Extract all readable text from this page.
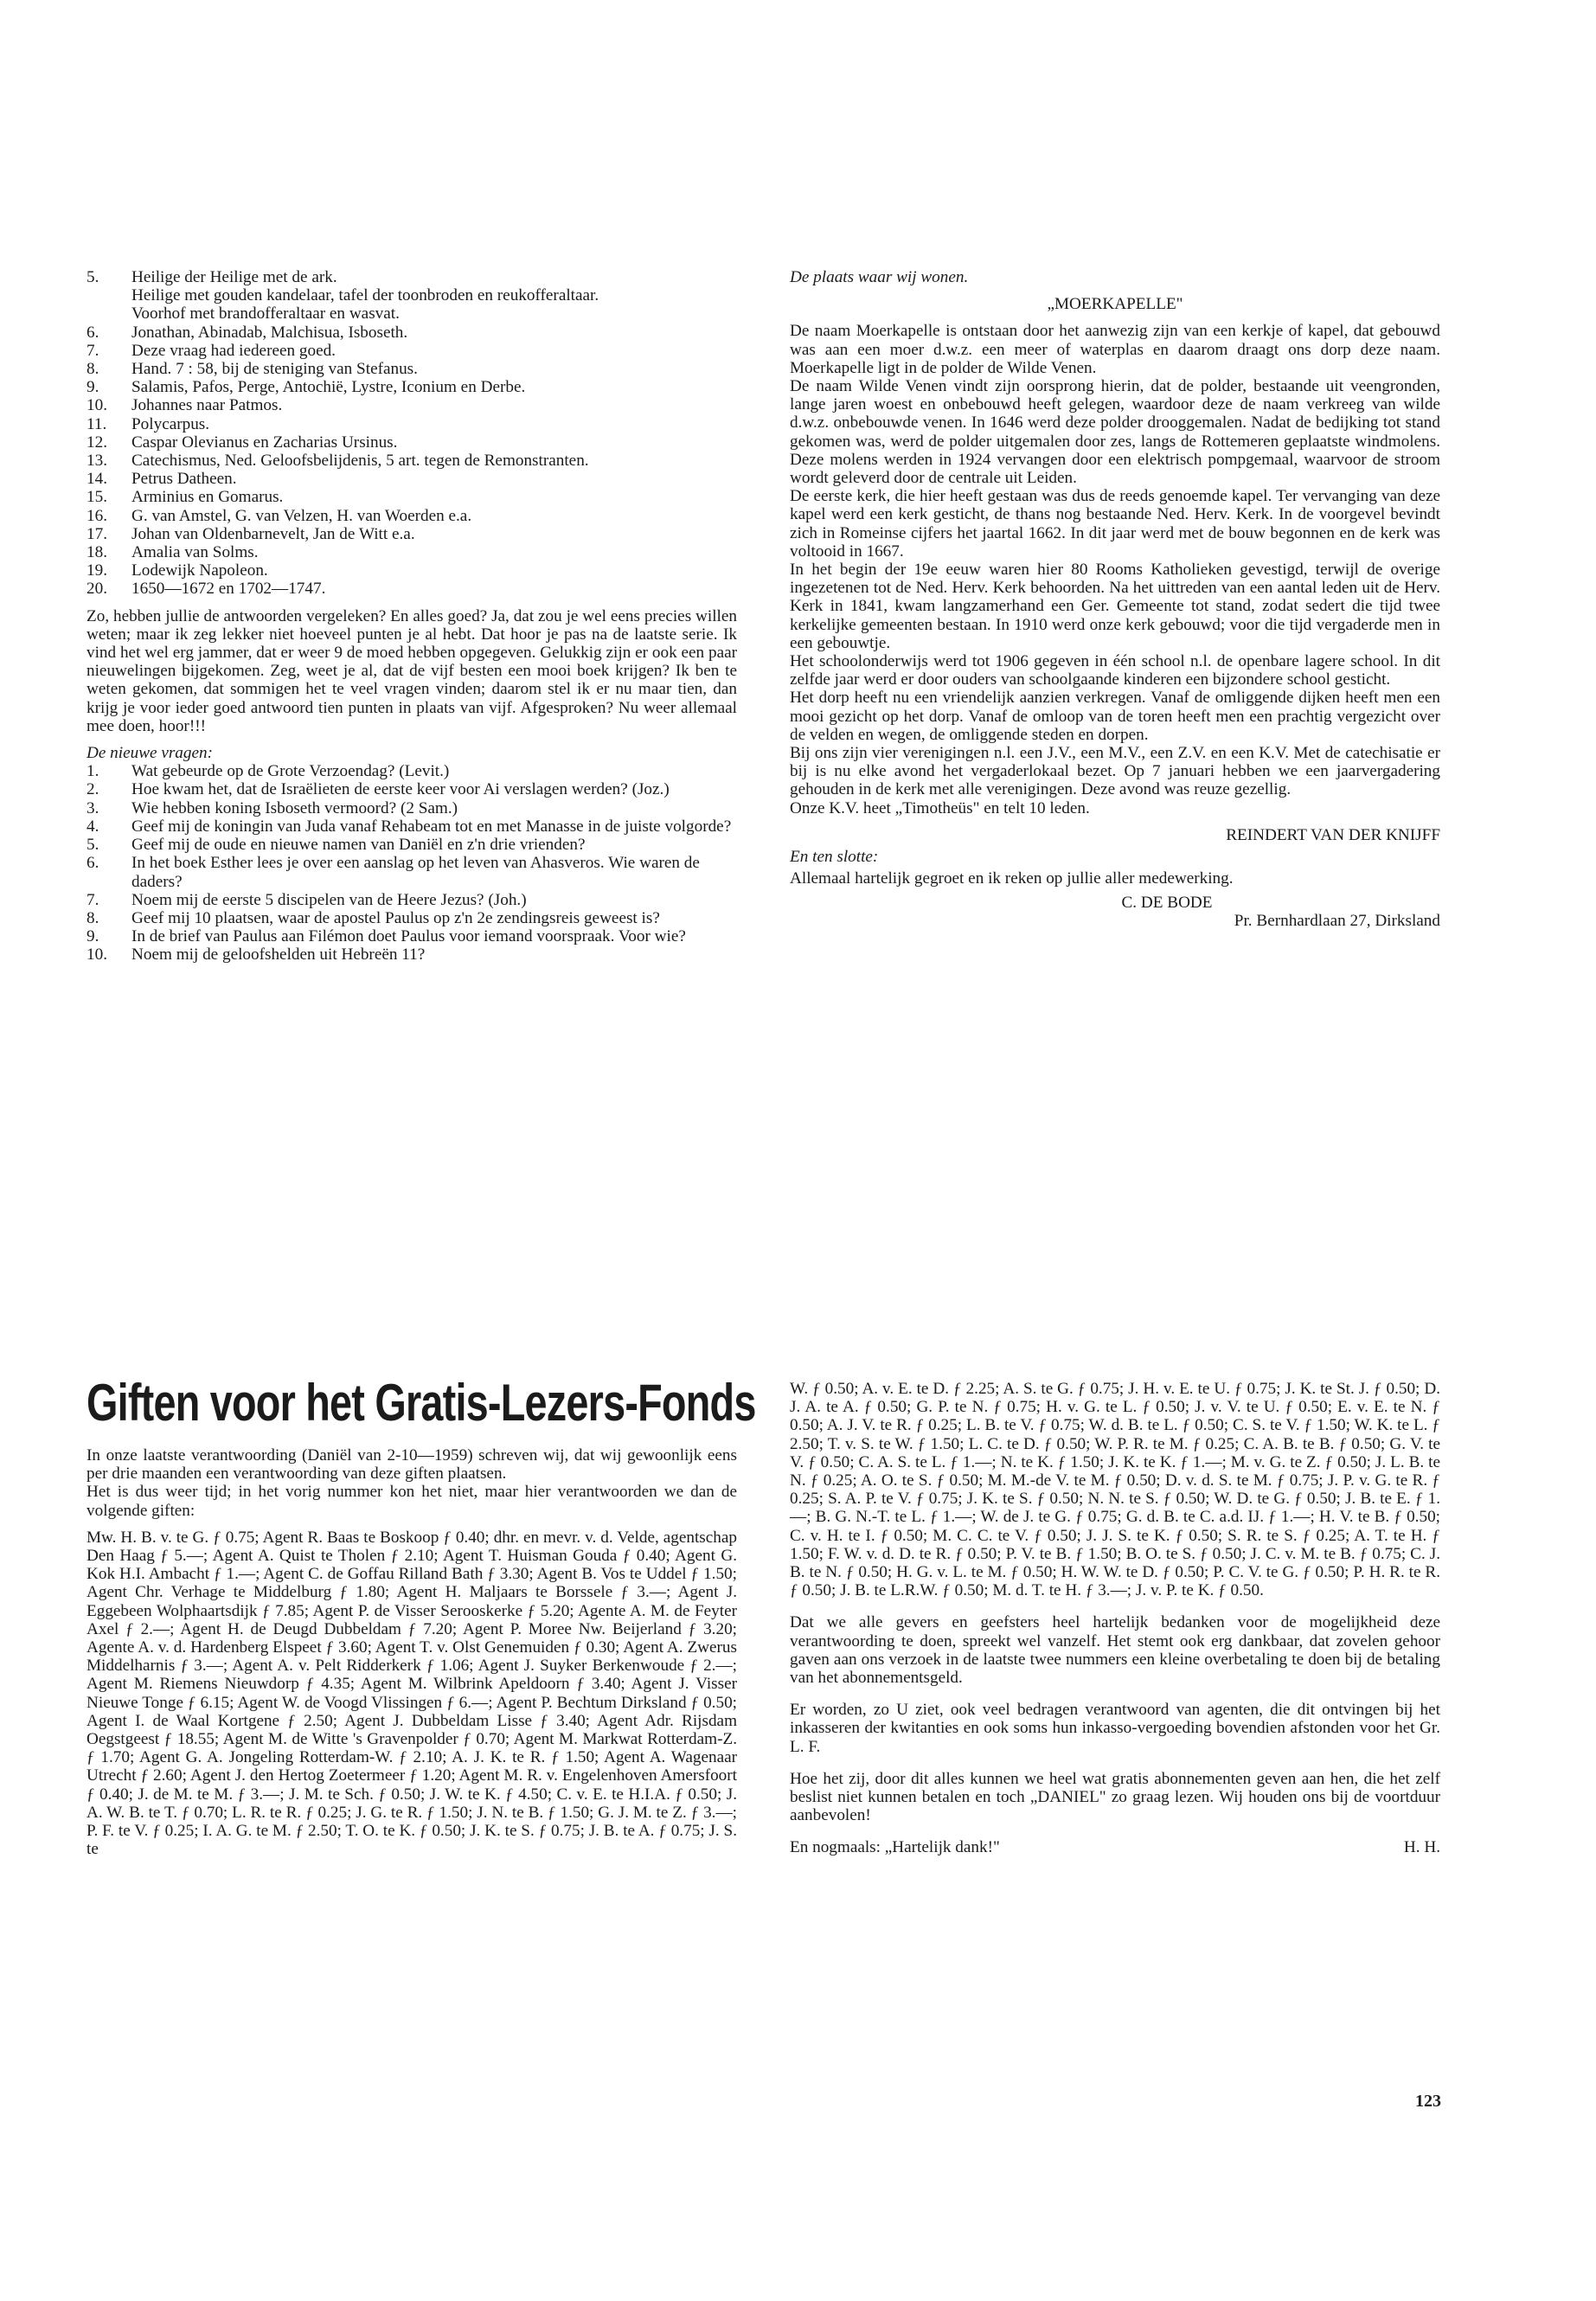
5.	Heilige der Heilige met de ark.
Heilige met gouden kandelaar, tafel der toonbroden en reukofferaltaar.
Voorhof met brandofferaltaar en wasvat.
6.	Jonathan, Abinadab, Malchisua, Isboseth.
7.	Deze vraag had iedereen goed.
8.	Hand. 7 : 58, bij de steniging van Stefanus.
9.	Salamis, Pafos, Perge, Antochië, Lystre, Iconium en Derbe.
10.	Johannes naar Patmos.
11.	Polycarpus.
12.	Caspar Olevianus en Zacharias Ursinus.
13.	Catechismus, Ned. Geloofsbelijdenis, 5 art. tegen de Remonstranten.
14.	Petrus Datheen.
15.	Arminius en Gomarus.
16.	G. van Amstel, G. van Velzen, H. van Woerden e.a.
17.	Johan van Oldenbarnevelt, Jan de Witt e.a.
18.	Amalia van Solms.
19.	Lodewijk Napoleon.
20.	1650—1672 en 1702—1747.

Zo, hebben jullie de antwoorden vergeleken? En alles goed? Ja, dat zou je wel eens precies willen weten; maar ik zeg lekker niet hoeveel punten je al hebt. Dat hoor je pas na de laatste serie. Ik vind het wel erg jammer, dat er weer 9 de moed hebben opgegeven. Gelukkig zijn er ook een paar nieuwelingen bijgekomen. Zeg, weet je al, dat de vijf besten een mooi boek krijgen? Ik ben te weten gekomen, dat sommigen het te veel vragen vinden; daarom stel ik er nu maar tien, dan krijg je voor ieder goed antwoord tien punten in plaats van vijf. Afgesproken? Nu weer allemaal mee doen, hoor!!!

De nieuwe vragen:

1.	Wat gebeurde op de Grote Verzoendag? (Levit.)
2.	Hoe kwam het, dat de Israëlieten de eerste keer voor Ai verslagen werden? (Joz.)
3.	Wie hebben koning Isboseth vermoord? (2 Sam.)
4.	Geef mij de koningin van Juda vanaf Rehabeam tot en met Manasse in de juiste volgorde?
5.	Geef mij de oude en nieuwe namen van Daniël en z'n drie vrienden?
6.	In het boek Esther lees je over een aanslag op het leven van Ahasveros. Wie waren de daders?
7.	Noem mij de eerste 5 discipelen van de Heere Jezus? (Joh.)
8.	Geef mij 10 plaatsen, waar de apostel Paulus op z'n 2e zendingsreis geweest is?
9.	In de brief van Paulus aan Filémon doet Paulus voor iemand voorspraak. Voor wie?
10.	Noem mij de geloofshelden uit Hebreën 11?

De plaats waar wij wonen.

„MOERKAPELLE"

De naam Moerkapelle is ontstaan door het aanwezig zijn van een kerkje of kapel, dat gebouwd was aan een moer d.w.z. een meer of waterplas en daarom draagt ons dorp deze naam. Moerkapelle ligt in de polder de Wilde Venen.

De naam Wilde Venen vindt zijn oorsprong hierin, dat de polder, bestaande uit veengronden, lange jaren woest en onbebouwd heeft gelegen, waardoor deze de naam verkreeg van wilde d.w.z. onbebouwde venen. In 1646 werd deze polder drooggemalen. Nadat de bedijking tot stand gekomen was, werd de polder uitgemalen door zes, langs de Rottemeren geplaatste windmolens. Deze molens werden in 1924 vervangen door een elektrisch pompgemaal, waarvoor de stroom wordt geleverd door de centrale uit Leiden.

De eerste kerk, die hier heeft gestaan was dus de reeds genoemde kapel. Ter vervanging van deze kapel werd een kerk gesticht, de thans nog bestaande Ned. Herv. Kerk. In de voorgevel bevindt zich in Romeinse cijfers het jaartal 1662. In dit jaar werd met de bouw begonnen en de kerk was voltooid in 1667.

In het begin der 19e eeuw waren hier 80 Rooms Katholieken gevestigd, terwijl de overige ingezetenen tot de Ned. Herv. Kerk behoorden. Na het uittreden van een aantal leden uit de Herv. Kerk in 1841, kwam langzamerhand een Ger. Gemeente tot stand, zodat sedert die tijd twee kerkelijke gemeenten bestaan. In 1910 werd onze kerk gebouwd; voor die tijd vergaderde men in een gebouwtje.

Het schoolonderwijs werd tot 1906 gegeven in één school n.l. de openbare lagere school. In dit zelfde jaar werd er door ouders van schoolgaande kinderen een bijzondere school gesticht.

Het dorp heeft nu een vriendelijk aanzien verkregen. Vanaf de omliggende dijken heeft men een mooi gezicht op het dorp. Vanaf de omloop van de toren heeft men een prachtig vergezicht over de velden en wegen, de omliggende steden en dorpen.

Bij ons zijn vier verenigingen n.l. een J.V., een M.V., een Z.V. en een K.V. Met de catechisatie er bij is nu elke avond het vergaderlokaal bezet. Op 7 januari hebben we een jaarvergadering gehouden in de kerk met alle verenigingen. Deze avond was reuze gezellig.

Onze K.V. heet „Timotheüs" en telt 10 leden.

REINDERT VAN DER KNIJFF

En ten slotte:

Allemaal hartelijk gegroet en ik reken op jullie aller medewerking.

C. DE BODE

Pr. Bernhardlaan 27, Dirksland

Giften voor het Gratis-Lezers-Fonds

In onze laatste verantwoording (Daniël van 2-10—1959) schreven wij, dat wij gewoonlijk eens per drie maanden een verantwoording van deze giften plaatsen.

Het is dus weer tijd; in het vorig nummer kon het niet, maar hier verantwoorden we dan de volgende giften:

Mw. H. B. v. te G. ƒ 0.75; Agent R. Baas te Boskoop ƒ 0.40; dhr. en mevr. v. d. Velde, agentschap Den Haag ƒ 5.—; Agent A. Quist te Tholen ƒ 2.10; Agent T. Huisman Gouda ƒ 0.40; Agent G. Kok H.I. Ambacht ƒ 1.—; Agent C. de Goffau Rilland Bath ƒ 3.30; Agent B. Vos te Uddel ƒ 1.50; Agent Chr. Verhage te Middelburg ƒ 1.80; Agent H. Maljaars te Borssele ƒ 3.—; Agent J. Eggebeen Wolphaartsdijk ƒ 7.85; Agent P. de Visser Serooskerke ƒ 5.20; Agente A. M. de Feyter Axel ƒ 2.—; Agent H. de Deugd Dubbeldam ƒ 7.20; Agent P. Moree Nw. Beijerland ƒ 3.20; Agente A. v. d. Hardenberg Elspeet ƒ 3.60; Agent T. v. Olst Genemuiden ƒ 0.30; Agent A. Zwerus Middelharnis ƒ 3.—; Agent A. v. Pelt Ridderkerk ƒ 1.06; Agent J. Suyker Berkenwoude ƒ 2.—; Agent M. Riemens Nieuwdorp ƒ 4.35; Agent M. Wilbrink Apeldoorn ƒ 3.40; Agent J. Visser Nieuwe Tonge ƒ 6.15; Agent W. de Voogd Vlissingen ƒ 6.—; Agent P. Bechtum Dirksland ƒ 0.50; Agent I. de Waal Kortgene ƒ 2.50; Agent J. Dubbeldam Lisse ƒ 3.40; Agent Adr. Rijsdam Oegstgeest ƒ 18.55; Agent M. de Witte 's Gravenpolder ƒ 0.70; Agent M. Markwat Rotterdam-Z. ƒ 1.70; Agent G. A. Jongeling Rotterdam-W. ƒ 2.10; A. J. K. te R. ƒ 1.50; Agent A. Wagenaar Utrecht ƒ 2.60; Agent J. den Hertog Zoetermeer ƒ 1.20; Agent M. R. v. Engelenhoven Amersfoort ƒ 0.40; J. de M. te M. ƒ 3.—; J. M. te Sch. ƒ 0.50; J. W. te K. ƒ 4.50; C. v. E. te H.I.A. ƒ 0.50; J. A. W. B. te T. ƒ 0.70; L. R. te R. ƒ 0.25; J. G. te R. ƒ 1.50; J. N. te B. ƒ 1.50; G. J. M. te Z. ƒ 3.—; P. F. te V. ƒ 0.25; I. A. G. te M. ƒ 2.50; T. O. te K. ƒ 0.50; J. K. te S. ƒ 0.75; J. B. te A. ƒ 0.75; J. S. te

W. ƒ 0.50; A. v. E. te D. ƒ 2.25; A. S. te G. ƒ 0.75; J. H. v. E. te U. ƒ 0.75; J. K. te St. J. ƒ 0.50; D. J. A. te A. ƒ 0.50; G. P. te N. ƒ 0.75; H. v. G. te L. ƒ 0.50; J. v. V. te U. ƒ 0.50; E. v. E. te N. ƒ 0.50; A. J. V. te R. ƒ 0.25; L. B. te V. ƒ 0.75; W. d. B. te L. ƒ 0.50; C. S. te V. ƒ 1.50; W. K. te L. ƒ 2.50; T. v. S. te W. ƒ 1.50; L. C. te D. ƒ 0.50; W. P. R. te M. ƒ 0.25; C. A. B. te B. ƒ 0.50; G. V. te V. ƒ 0.50; C. A. S. te L. ƒ 1.—; N. te K. ƒ 1.50; J. K. te K. ƒ 1.—; M. v. G. te Z. ƒ 0.50; J. L. B. te N. ƒ 0.25; A. O. te S. ƒ 0.50; M. M.-de V. te M. ƒ 0.50; D. v. d. S. te M. ƒ 0.75; J. P. v. G. te R. ƒ 0.25; S. A. P. te V. ƒ 0.75; J. K. te S. ƒ 0.50; N. N. te S. ƒ 0.50; W. D. te G. ƒ 0.50; J. B. te E. ƒ 1.—; B. G. N.-T. te L. ƒ 1.—; W. de J. te G. ƒ 0.75; G. d. B. te C. a.d. IJ. ƒ 1.—; H. V. te B. ƒ 0.50; C. v. H. te I. ƒ 0.50; M. C. C. te V. ƒ 0.50; J. J. S. te K. ƒ 0.50; S. R. te S. ƒ 0.25; A. T. te H. ƒ 1.50; F. W. v. d. D. te R. ƒ 0.50; P. V. te B. ƒ 1.50; B. O. te S. ƒ 0.50; J. C. v. M. te B. ƒ 0.75; C. J. B. te N. ƒ 0.50; H. G. v. L. te M. ƒ 0.50; H. W. W. te D. ƒ 0.50; P. C. V. te G. ƒ 0.50; P. H. R. te R. ƒ 0.50; J. B. te L.R.W. ƒ 0.50; M. d. T. te H. ƒ 3.—; J. v. P. te K. ƒ 0.50.

Dat we alle gevers en geefsters heel hartelijk bedanken voor de mogelijkheid deze verantwoording te doen, spreekt wel vanzelf. Het stemt ook erg dankbaar, dat zovelen gehoor gaven aan ons verzoek in de laatste twee nummers een kleine overbetaling te doen bij de betaling van het abonnementsgeld.

Er worden, zo U ziet, ook veel bedragen verantwoord van agenten, die dit ontvingen bij het inkasseren der kwitanties en ook soms hun inkasso-vergoeding bovendien afstonden voor het Gr. L. F.

Hoe het zij, door dit alles kunnen we heel wat gratis abonnementen geven aan hen, die het zelf beslist niet kunnen betalen en toch „DANIEL" zo graag lezen. Wij houden ons bij de voortduur aanbevolen!

En nogmaals: „Hartelijk dank!"	H. H.
123
